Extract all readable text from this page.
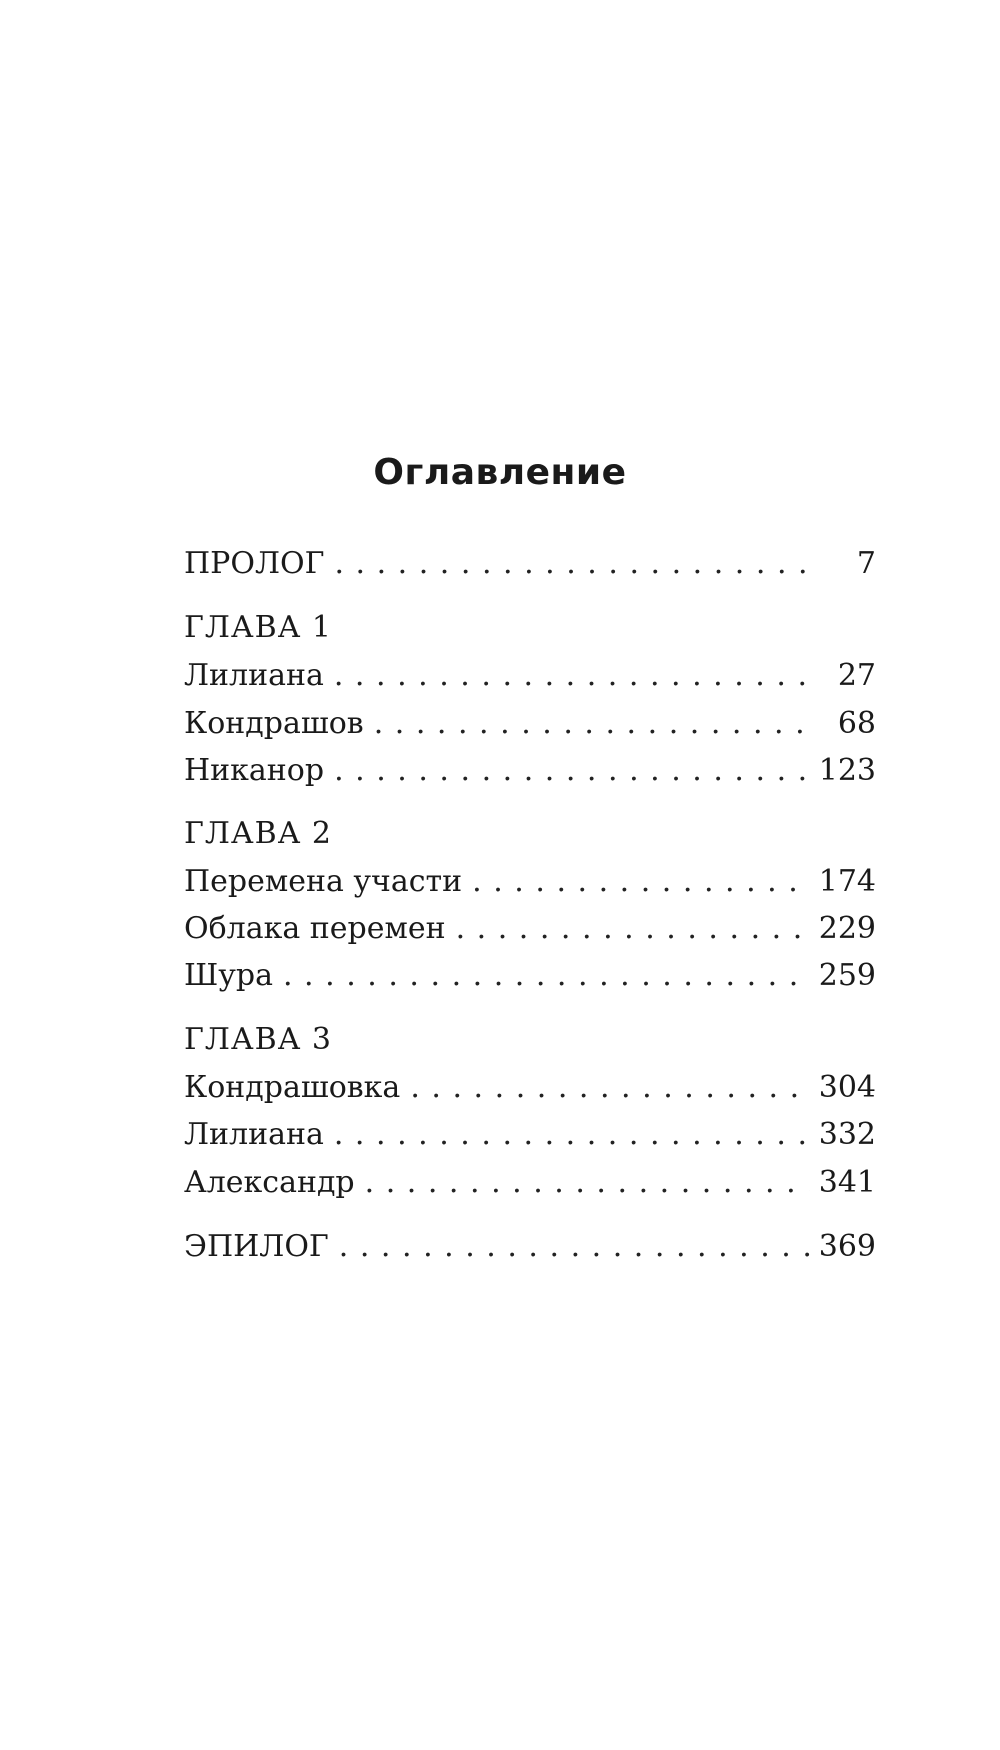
Оглавление
ПРОЛОГ . . .	7
ГЛАВА 1
Лилиана . . .	27
Кондрашов . . .	68
Никанор . . .	123
ГЛАВА 2
Перемена участи . . .	174
Облака перемен . . .	229
Шура . . .	259
ГЛАВА 3
Кондрашовка . . .	304
Лилиана . . .	332
Александр . . .	341
ЭПИЛОГ . . .	369
